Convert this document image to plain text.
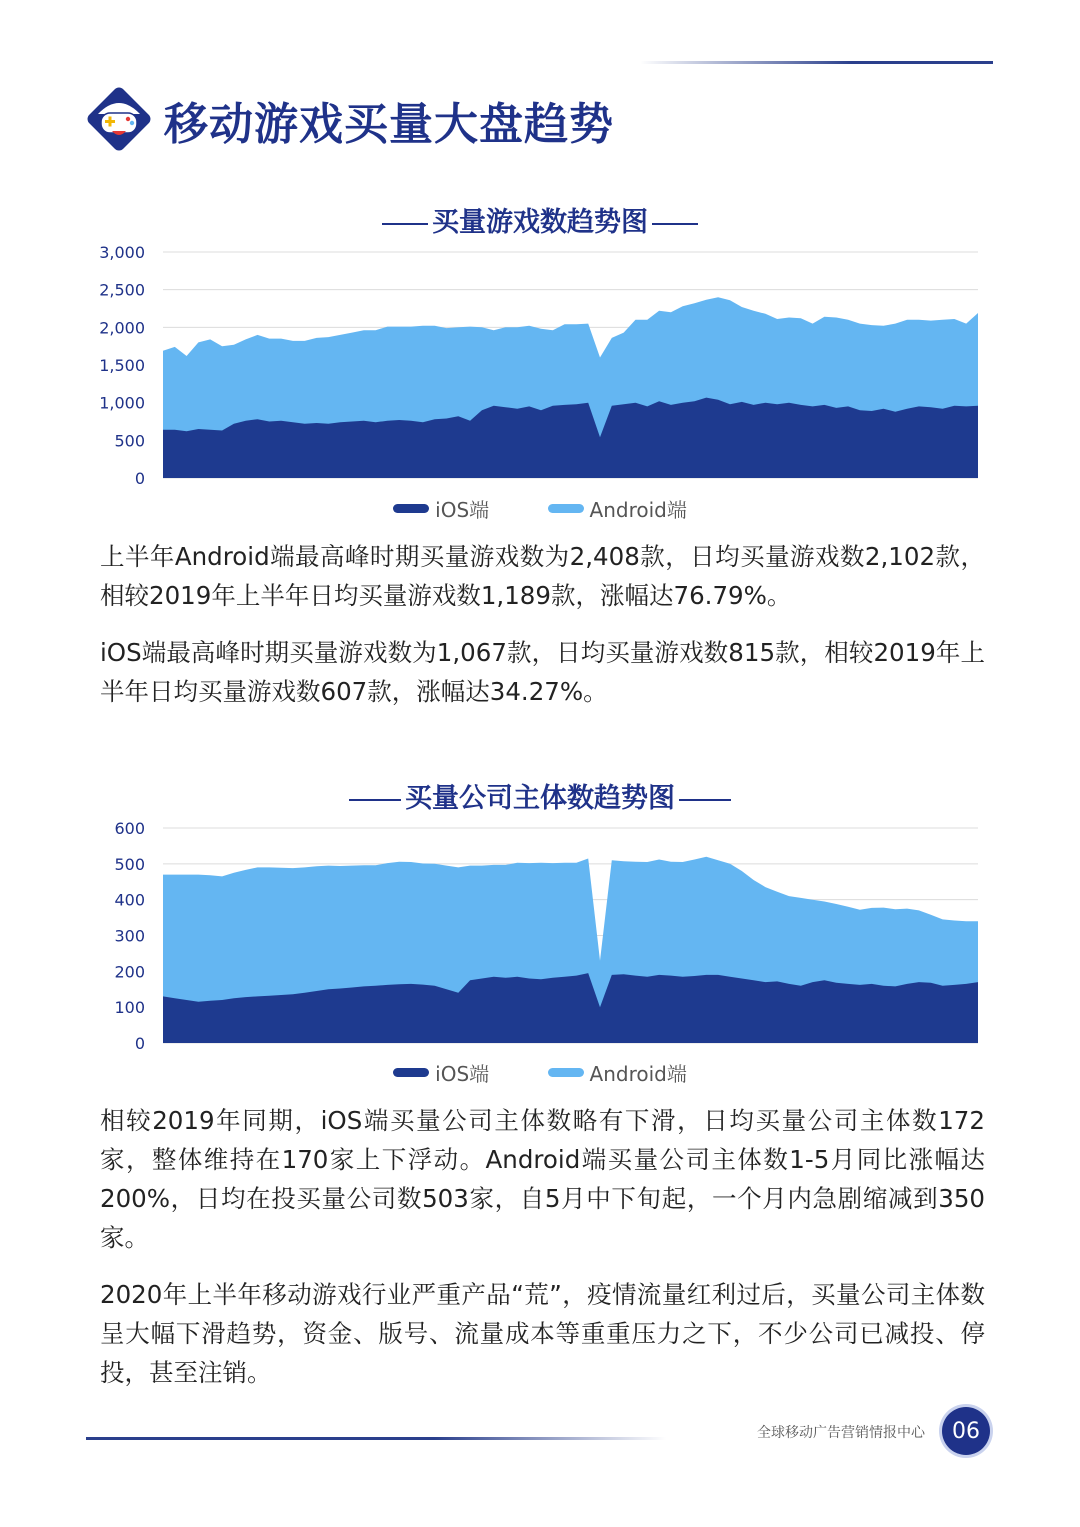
移动游戏买量大盘趋势
买量游戏数趋势图
3,000
2,500
2,000
1,500
1,000
500
0
iOS端
	Android端

上半年Android端最高峰时期买量游戏数为2,408款，日均买量游戏数2,102款，相较2019年上半年日均买量游戏数1,189款，涨幅达76.79%。

iOS端最高峰时期买量游戏数为1,067款，日均买量游戏数815款，相较2019年上半年日均买量游戏数607款，涨幅达34.27%。

买量公司主体数趋势图
600
500
400
300
200
100
0
iOS端
	Android端

相较2019年同期，iOS端买量公司主体数略有下滑，日均买量公司主体数172家，整体维持在170家上下浮动。Android端买量公司主体数1-5月同比涨幅达200%，日均在投买量公司数503家，自5月中下旬起，一个月内急剧缩减到350家。

2020年上半年移动游戏行业严重产品“荒”，疫情流量红利过后，买量公司主体数呈大幅下滑趋势，资金、版号、流量成本等重重压力之下，不少公司已减投、停投，甚至注销。

全球移动广告营销情报中心	06
